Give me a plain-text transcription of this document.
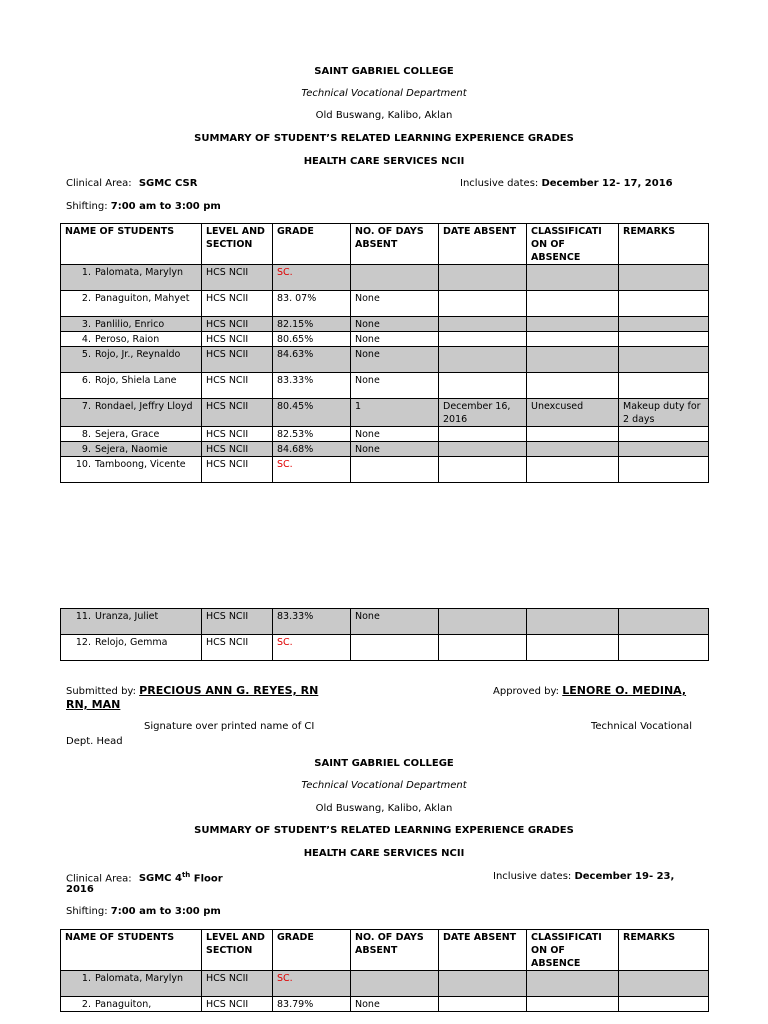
SAINT GABRIEL COLLEGE
Technical Vocational Department
Old Buswang, Kalibo, Aklan
SUMMARY OF STUDENT’S RELATED LEARNING EXPERIENCE GRADES
HEALTH CARE SERVICES NCII
Clinical Area: SGMC CSR	Inclusive dates: December 12- 17, 2016
Shifting: 7:00 am to 3:00 pm
NAME OF STUDENTS	LEVEL AND SECTION	GRADE	NO. OF DAYS ABSENT	DATE ABSENT	CLASSIFICATI ON OF ABSENCE	REMARKS
1. Palomata, Marylyn	HCS NCII	SC.				
2. Panaguiton, Mahyet	HCS NCII	83. 07%	None			
3. Panlilio, Enrico	HCS NCII	82.15%	None			
4. Peroso, Raion	HCS NCII	80.65%	None			
5. Rojo, Jr., Reynaldo	HCS NCII	84.63%	None			
6. Rojo, Shiela Lane	HCS NCII	83.33%	None			
7. Rondael, Jeffry Lloyd	HCS NCII	80.45%	1	December 16, 2016	Unexcused	Makeup duty for 2 days
8. Sejera, Grace	HCS NCII	82.53%	None			
9. Sejera, Naomie	HCS NCII	84.68%	None			
10. Tamboong, Vicente	HCS NCII	SC.				
11. Uranza, Juliet	HCS NCII	83.33%	None			
12. Relojo, Gemma	HCS NCII	SC.				
Submitted by: PRECIOUS ANN G. REYES, RN
RN, MAN
Approved by: LENORE O. MEDINA,
Signature over printed name of CI	Technical Vocational
Dept. Head
SAINT GABRIEL COLLEGE
Technical Vocational Department
Old Buswang, Kalibo, Aklan
SUMMARY OF STUDENT’S RELATED LEARNING EXPERIENCE GRADES
HEALTH CARE SERVICES NCII
Clinical Area: SGMC 4th Floor	Inclusive dates: December 19- 23,
2016
Shifting: 7:00 am to 3:00 pm
NAME OF STUDENTS	LEVEL AND SECTION	GRADE	NO. OF DAYS ABSENT	DATE ABSENT	CLASSIFICATI ON OF ABSENCE	REMARKS
1. Palomata, Marylyn	HCS NCII	SC.				
2. Panaguiton,	HCS NCII	83.79%	None			
